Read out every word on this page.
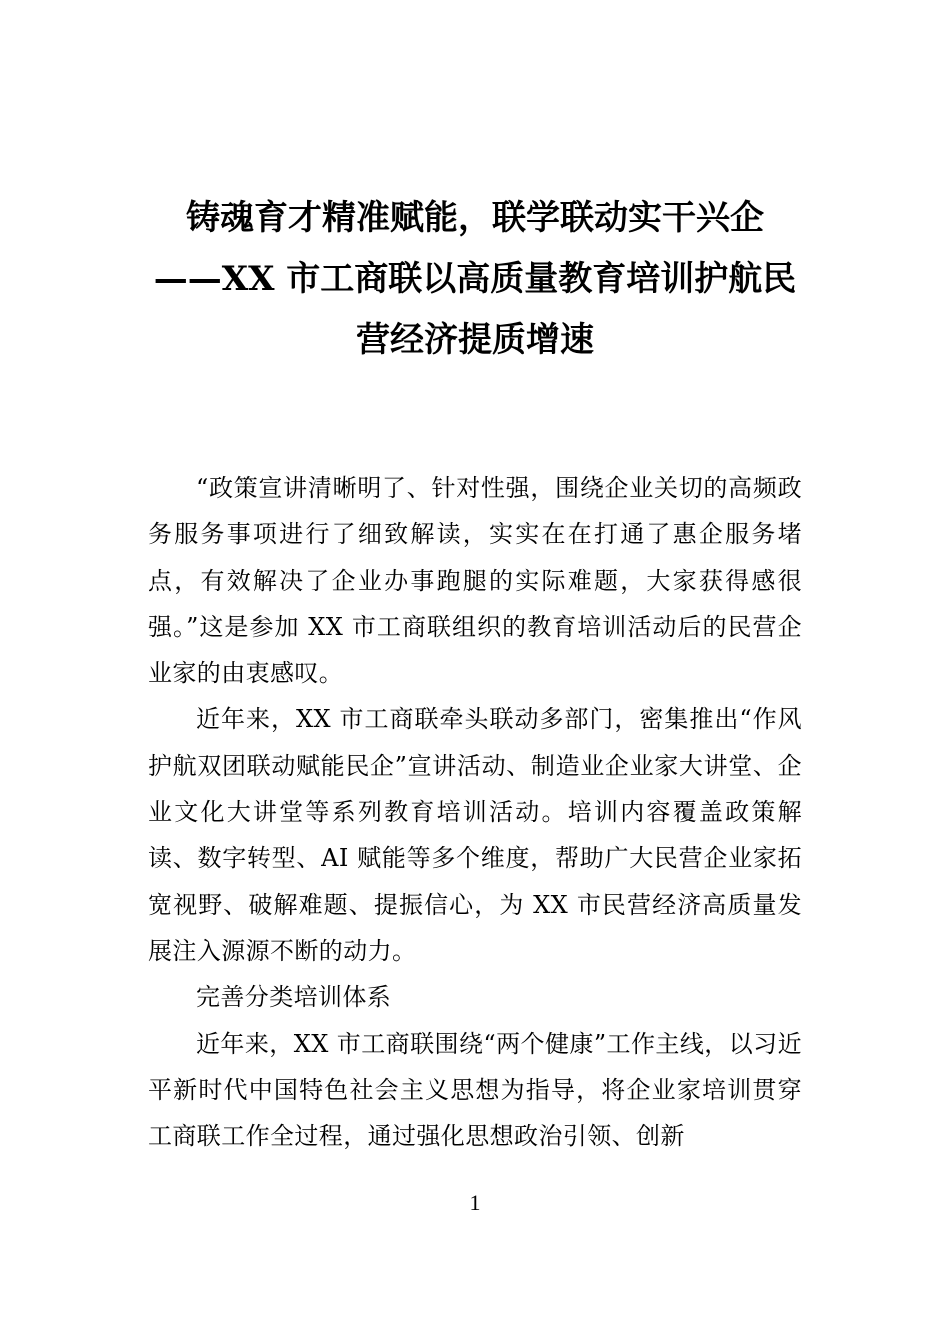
铸魂育才精准赋能，联学联动实干兴企
——XX 市工商联以高质量教育培训护航民
营经济提质增速

“政策宣讲清晰明了、针对性强，围绕企业关切的高频政务服务事项进行了细致解读，实实在在打通了惠企服务堵点，有效解决了企业办事跑腿的实际难题，大家获得感很强。”这是参加 XX 市工商联组织的教育培训活动后的民营企业家的由衷感叹。

近年来，XX 市工商联牵头联动多部门，密集推出“作风护航双团联动赋能民企”宣讲活动、制造业企业家大讲堂、企业文化大讲堂等系列教育培训活动。培训内容覆盖政策解读、数字转型、AI 赋能等多个维度，帮助广大民营企业家拓宽视野、破解难题、提振信心，为 XX 市民营经济高质量发展注入源源不断的动力。

完善分类培训体系

近年来，XX 市工商联围绕“两个健康”工作主线，以习近平新时代中国特色社会主义思想为指导，将企业家培训贯穿工商联工作全过程，通过强化思想政治引领、创新

1
